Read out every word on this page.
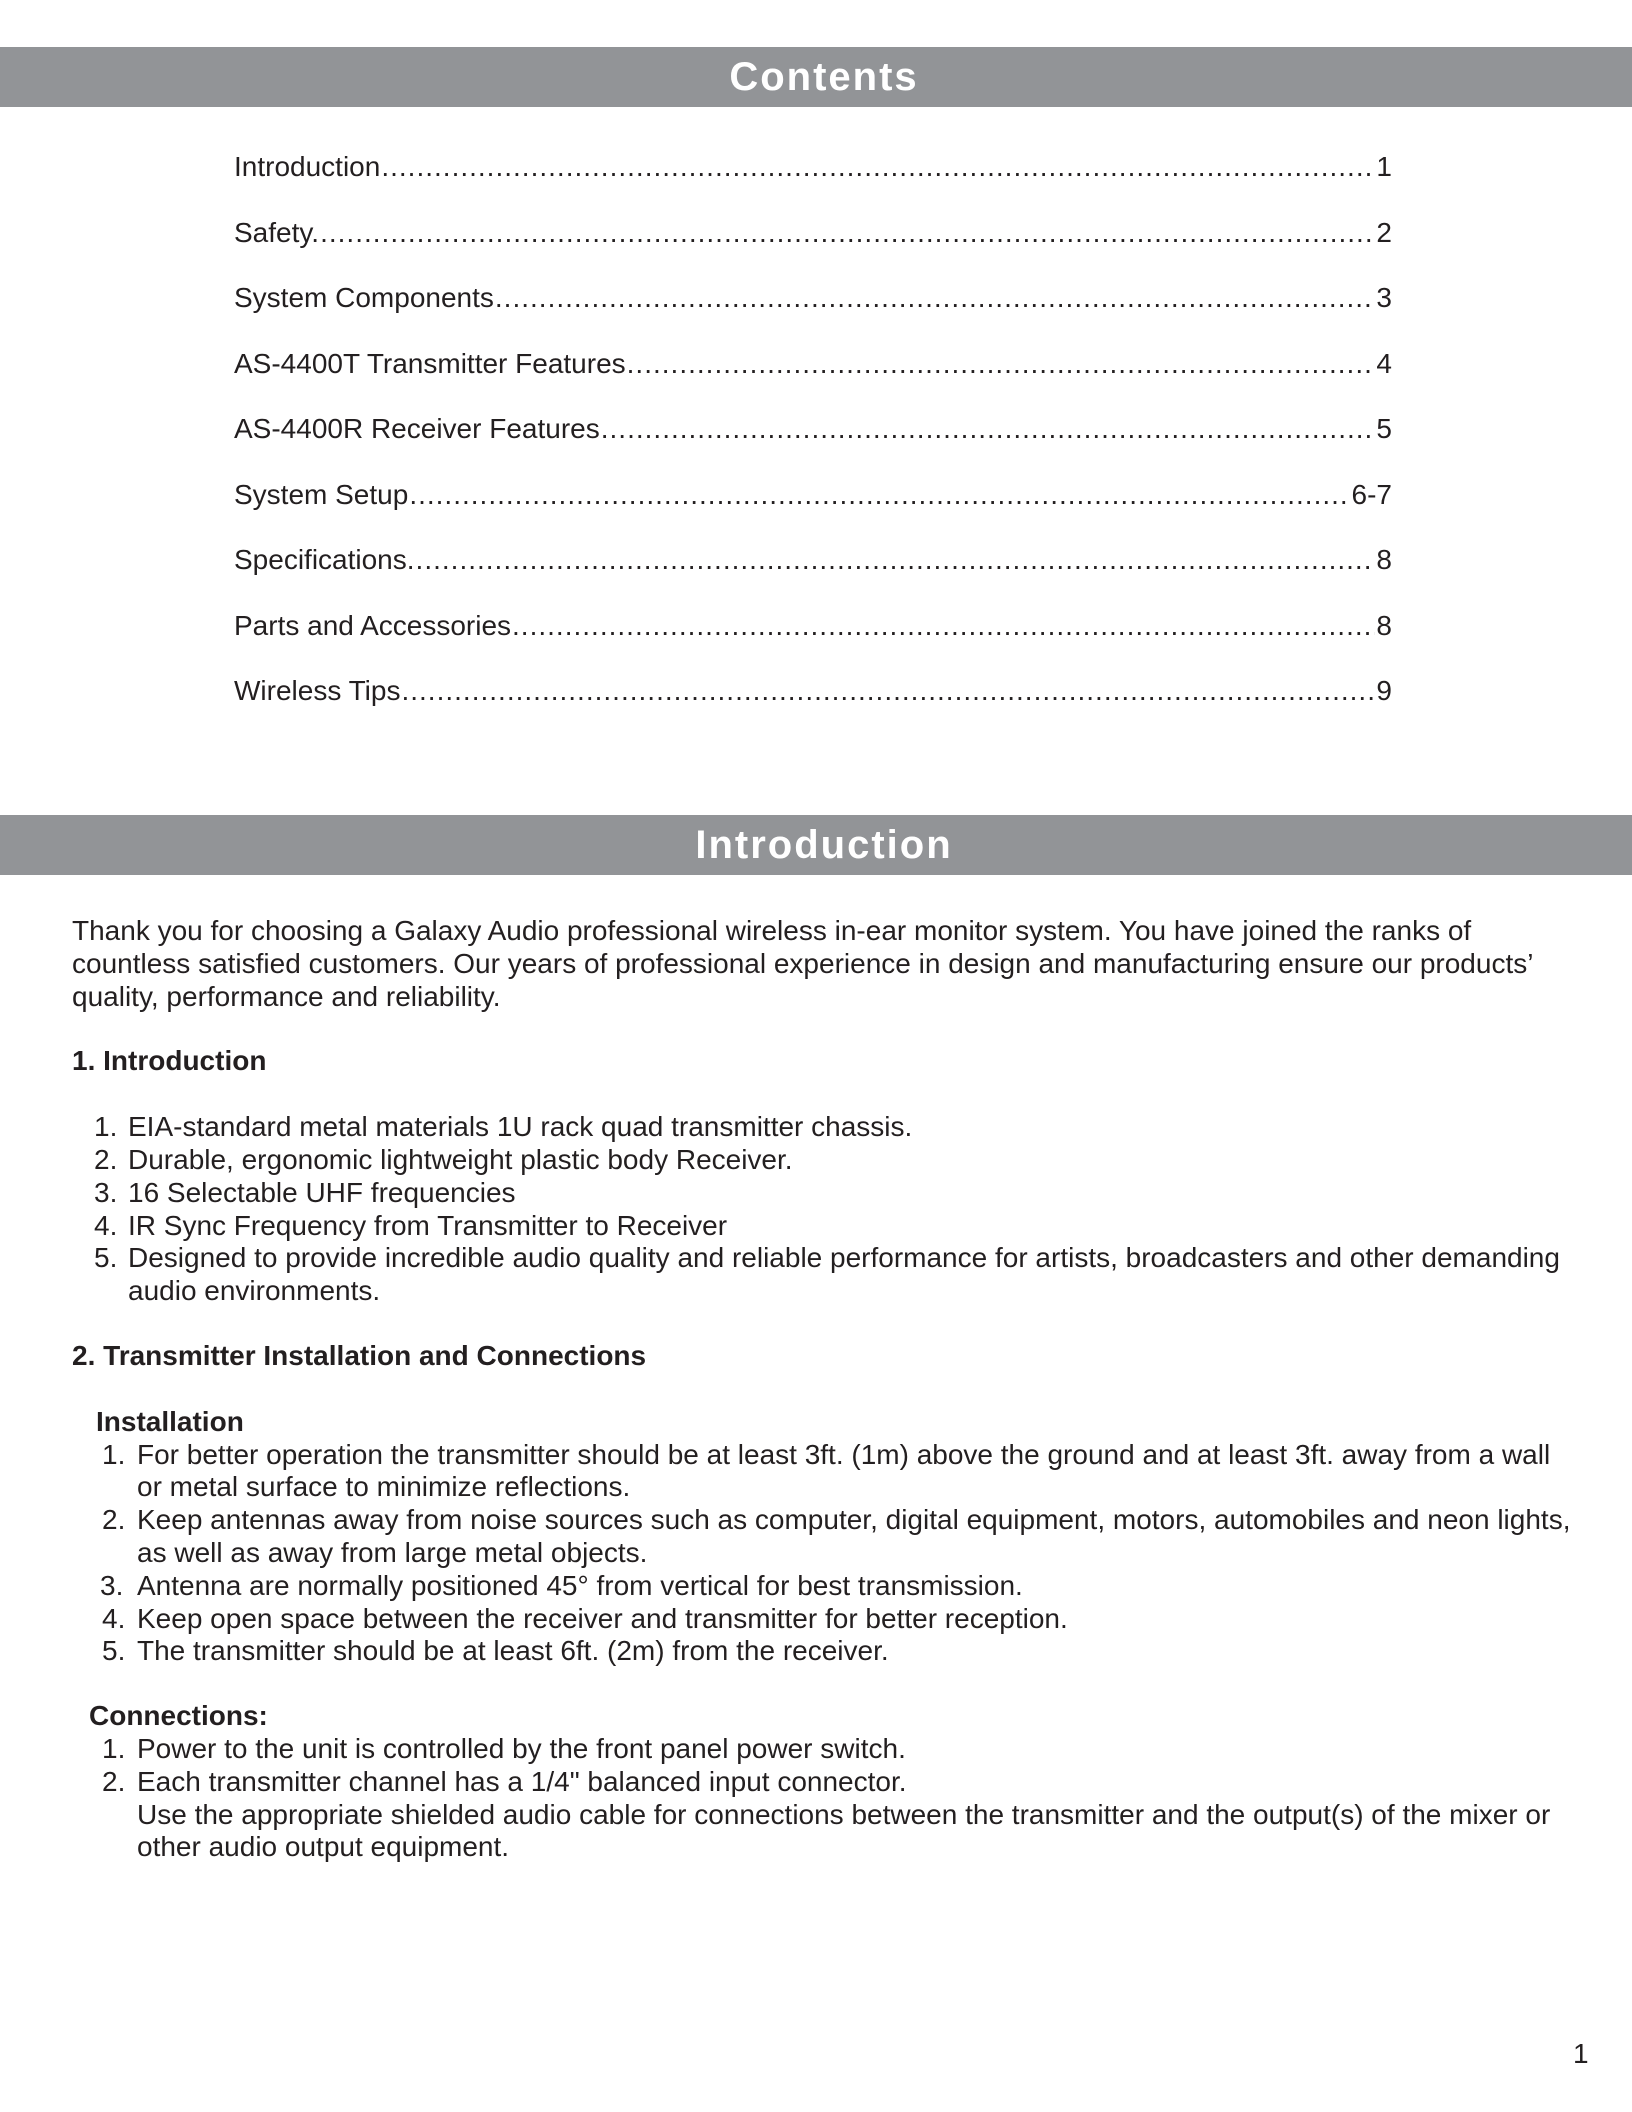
Contents
Introduction .....	1
Safety. .....	2
System Components .....	3
AS-4400T Transmitter Features .....	4
AS-4400R Receiver Features .....	5
System Setup .....	6-7
Specifications. .....	8
Parts and Accessories .....	8
Wireless Tips .....	9
Introduction

Thank you for choosing a Galaxy Audio professional wireless in-ear monitor system. You have joined the ranks of countless satisfied customers. Our years of professional experience in design and manufacturing ensure our products’ quality, performance and reliability.

1. Introduction
1. EIA-standard metal materials 1U rack quad transmitter chassis.
2. Durable, ergonomic lightweight plastic body Receiver.
3. 16 Selectable UHF frequencies
4. IR Sync Frequency from Transmitter to Receiver
5. Designed to provide incredible audio quality and reliable performance for artists, broadcasters and other demanding audio environments.
2. Transmitter Installation and Connections
Installation
1. For better operation the transmitter should be at least 3ft. (1m) above the ground and at least 3ft. away from a wall or metal surface to minimize reflections.
2. Keep antennas away from noise sources such as computer, digital equipment, motors, automobiles and neon lights, as well as away from large metal objects.
3. Antenna are normally positioned 45° from vertical for best transmission.
4. Keep open space between the receiver and transmitter for better reception.
5. The transmitter should be at least 6ft. (2m) from the receiver.
Connections:
1. Power to the unit is controlled by the front panel power switch.
2. Each transmitter channel has a 1/4" balanced input connector.

Use the appropriate shielded audio cable for connections between the transmitter and the output(s) of the mixer or other audio output equipment.

1
